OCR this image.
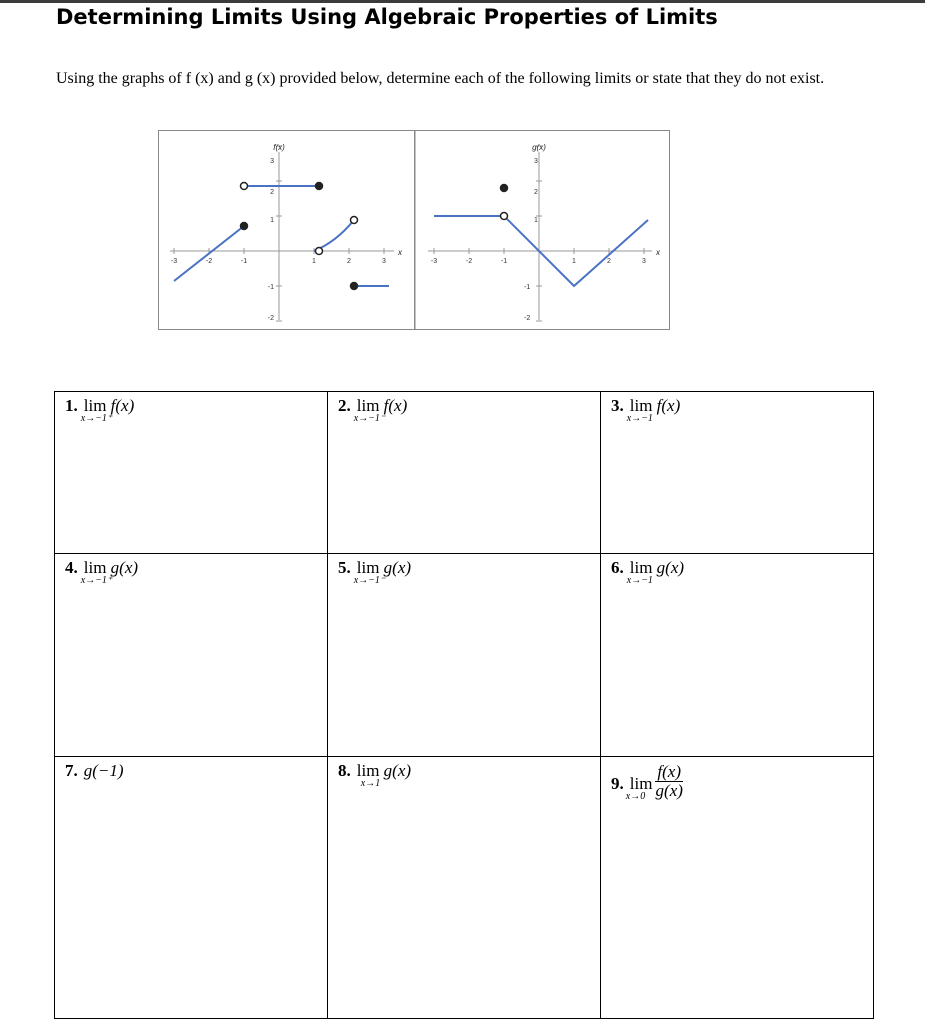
Determining Limits Using Algebraic Properties of Limits
Using the graphs of f (x) and g (x) provided below, determine each of the following limits or state that they do not exist.
-3	-2	-1	1	2	3
3
2
1
-1
-2
f(x)
x
-3	-2	-1	1	2	3
3
2
1
-1
-2
g(x)
x
1. lim
x→−1⁺
f(x)	2. lim
x→−1⁻
f(x)	3. lim
x→−1
f(x)

4. lim
x→−1⁺
g(x)	5. lim
x→−1⁻
g(x)	6. lim
x→−1
g(x)

7. g(−1)	8. lim
x→1
g(x)	9. lim
$x\to 0 \frac{f(x)}{g(x)}$
